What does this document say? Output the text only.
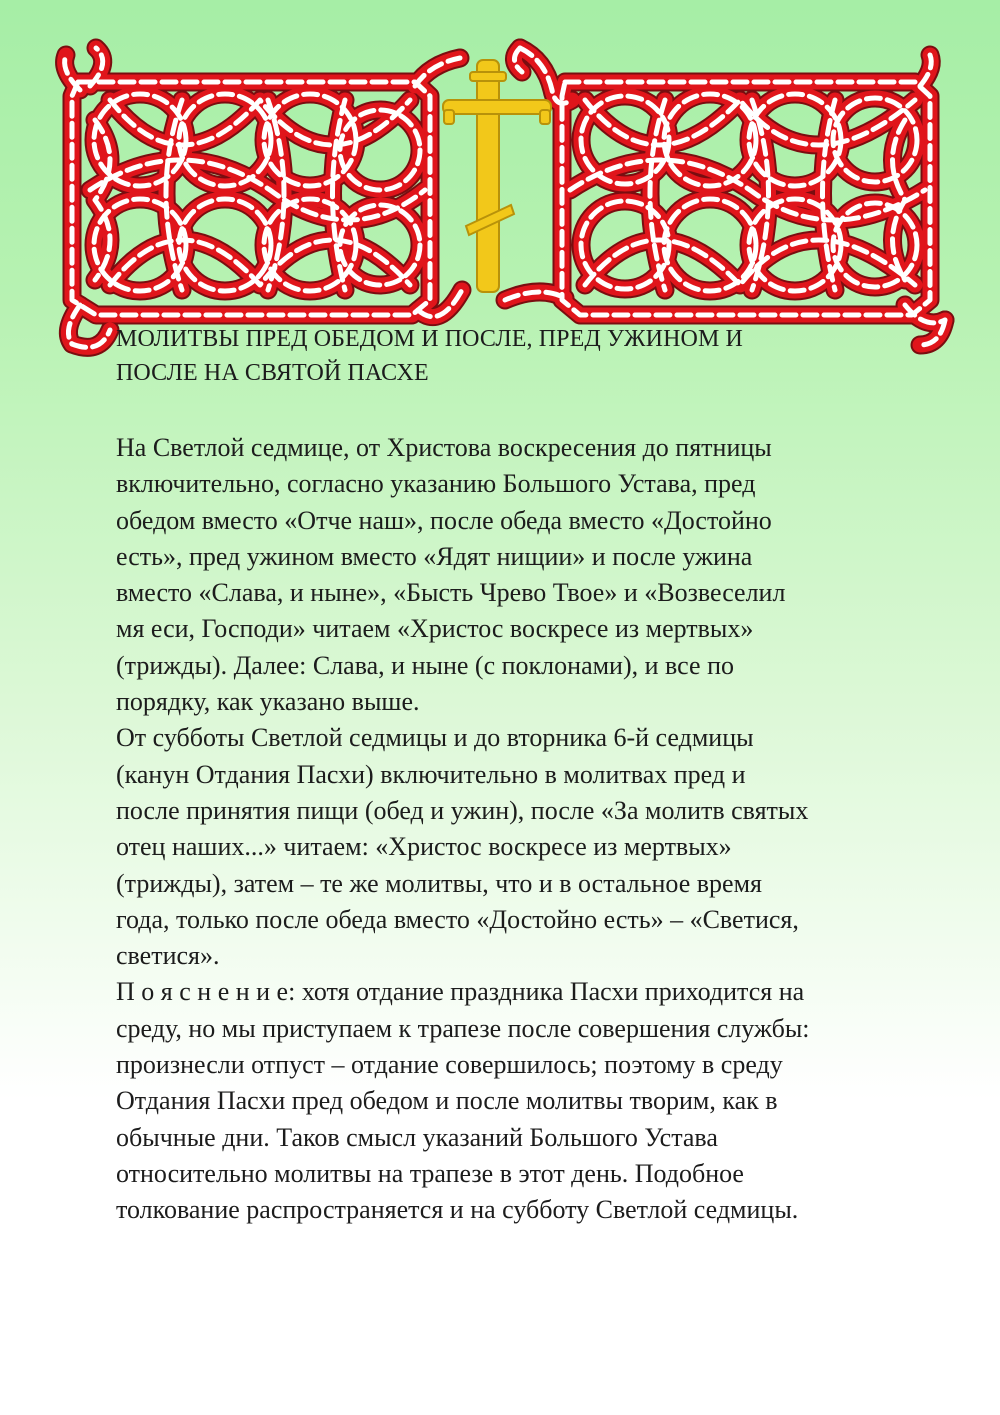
МОЛИТВЫ ПРЕД ОБЕДОМ И ПОСЛЕ, ПРЕД УЖИНОМ И
ПОСЛЕ НА СВЯТОЙ ПАСХЕ

На Светлой седмице, от Христова воскресения до пятницы
включительно, согласно указанию Большого Устава, пред
обедом вместо «Отче наш», после обеда вместо «Достойно
есть», пред ужином вместо «Ядят нищии» и после ужина
вместо «Слава, и ныне», «Бысть Чрево Твое» и «Возвеселил
мя еси, Господи» читаем «Христос воскресе из мертвых»
(трижды). Далее: Слава, и ныне (с поклонами), и все по
порядку, как указано выше.

От субботы Светлой седмицы и до вторника 6-й седмицы
(канун Отдания Пасхи) включительно в молитвах пред и
после принятия пищи (обед и ужин), после «За молитв святых
отец наших...» читаем: «Христос воскресе из мертвых»
(трижды), затем – те же молитвы, что и в остальное время
года, только после обеда вместо «Достойно есть» – «Светися,
светися».

П о я с н е н и е: хотя отдание праздника Пасхи приходится на
среду, но мы приступаем к трапезе после совершения службы:
произнесли отпуст – отдание совершилось; поэтому в среду
Отдания Пасхи пред обедом и после молитвы творим, как в
обычные дни. Таков смысл указаний Большого Устава
относительно молитвы на трапезе в этот день. Подобное
толкование распространяется и на субботу Светлой седмицы.
